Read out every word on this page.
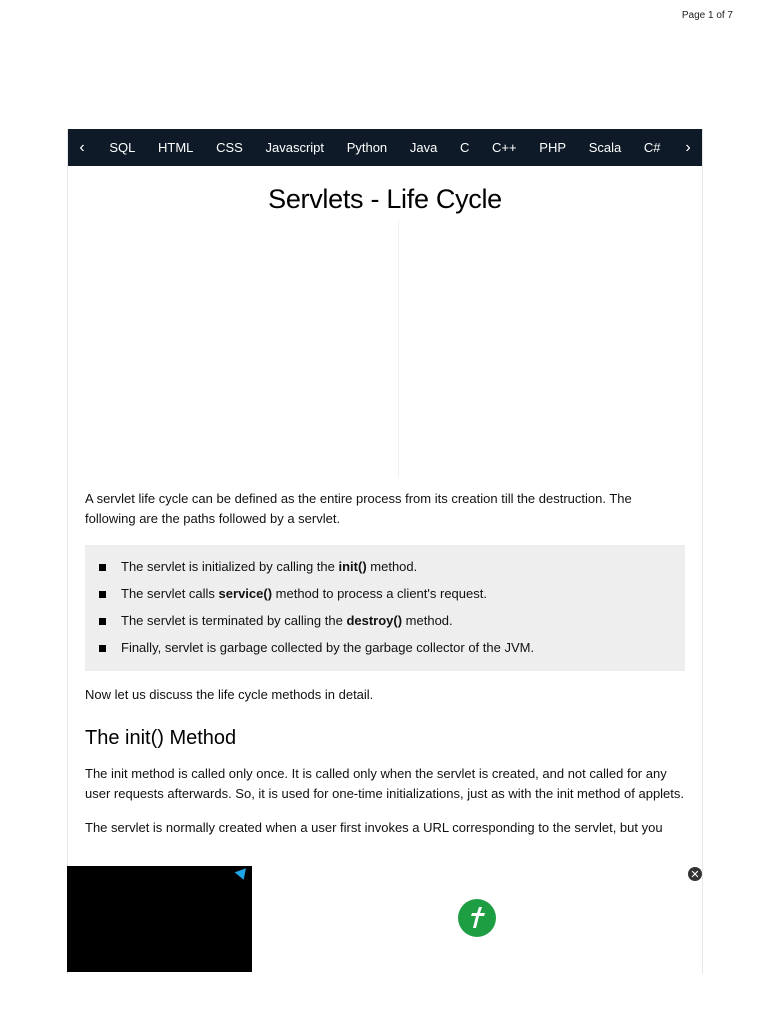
Page 1 of 7
‹	SQL HTML CSS Javascript Python Java C C++ PHP Scala C#	›
Servlets - Life Cycle

A servlet life cycle can be defined as the entire process from its creation till the destruction. The following are the paths followed by a servlet.

The servlet is initialized by calling the init() method.
The servlet calls service() method to process a client's request.
The servlet is terminated by calling the destroy() method.
Finally, servlet is garbage collected by the garbage collector of the JVM.

Now let us discuss the life cycle methods in detail.

The init() Method

The init method is called only once. It is called only when the servlet is created, and not called for any user requests afterwards. So, it is used for one-time initializations, just as with the init method of applets.

The servlet is normally created when a user first invokes a URL corresponding to the servlet, but you

✕
